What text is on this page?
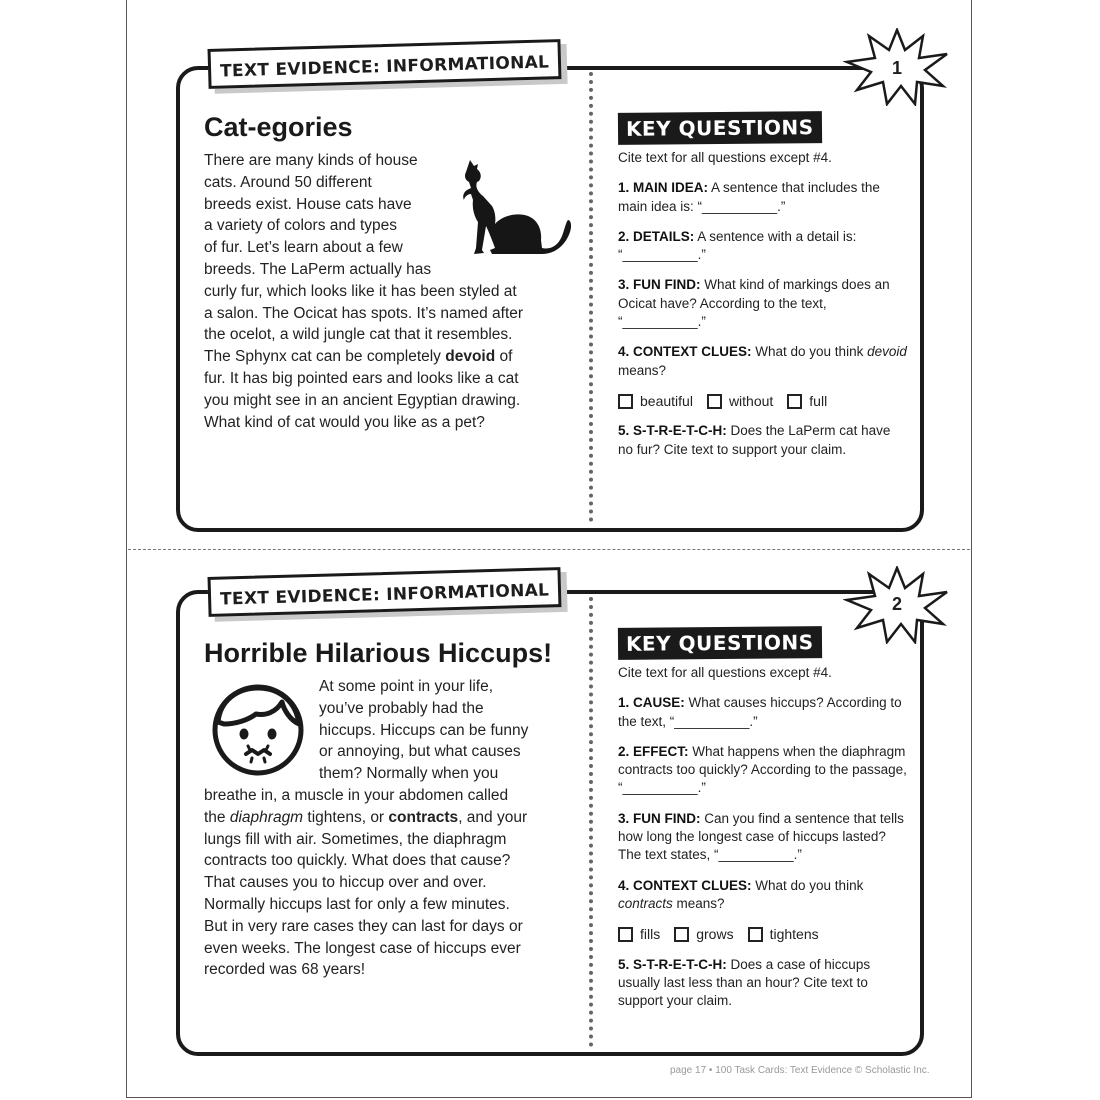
TEXT EVIDENCE: INFORMATIONAL	1
Cat-egories

There are many kinds of house
cats. Around 50 different
breeds exist. House cats have
a variety of colors and types
of fur. Let’s learn about a few
breeds. The LaPerm actually has
curly fur, which looks like it has been styled at
a salon. The Ocicat has spots. It’s named after
the ocelot, a wild jungle cat that it resembles.
The Sphynx cat can be completely devoid of
fur. It has big pointed ears and looks like a cat
you might see in an ancient Egyptian drawing.
What kind of cat would you like as a pet?

KEY QUESTIONS

Cite text for all questions except #4.

1. MAIN IDEA: A sentence that includes the main idea is: “__________.”

2. DETAILS: A sentence with a detail is: “__________.”

3. FUN FIND: What kind of markings does an Ocicat have? According to the text, “__________.”

4. CONTEXT CLUES: What do you think devoid means?

beautiful	without	full

5. S-T-R-E-T-C-H: Does the LaPerm cat have no fur? Cite text to support your claim.

TEXT EVIDENCE: INFORMATIONAL	2
Horrible Hilarious Hiccups!

At some point in your life,
you’ve probably had the
hiccups. Hiccups can be funny
or annoying, but what causes
them? Normally when you
breathe in, a muscle in your abdomen called
the diaphragm tightens, or contracts, and your
lungs fill with air. Sometimes, the diaphragm
contracts too quickly. What does that cause?
That causes you to hiccup over and over.
Normally hiccups last for only a few minutes.
But in very rare cases they can last for days or
even weeks. The longest case of hiccups ever
recorded was 68 years!

KEY QUESTIONS

Cite text for all questions except #4.

1. CAUSE: What causes hiccups? According to the text, “__________.”

2. EFFECT: What happens when the diaphragm contracts too quickly? According to the passage, “__________.”

3. FUN FIND: Can you find a sentence that tells how long the longest case of hiccups lasted? The text states, “__________.”

4. CONTEXT CLUES: What do you think contracts means?

fills	grows	tightens

5. S-T-R-E-T-C-H: Does a case of hiccups usually last less than an hour? Cite text to support your claim.

page 17 • 100 Task Cards: Text Evidence © Scholastic Inc.
